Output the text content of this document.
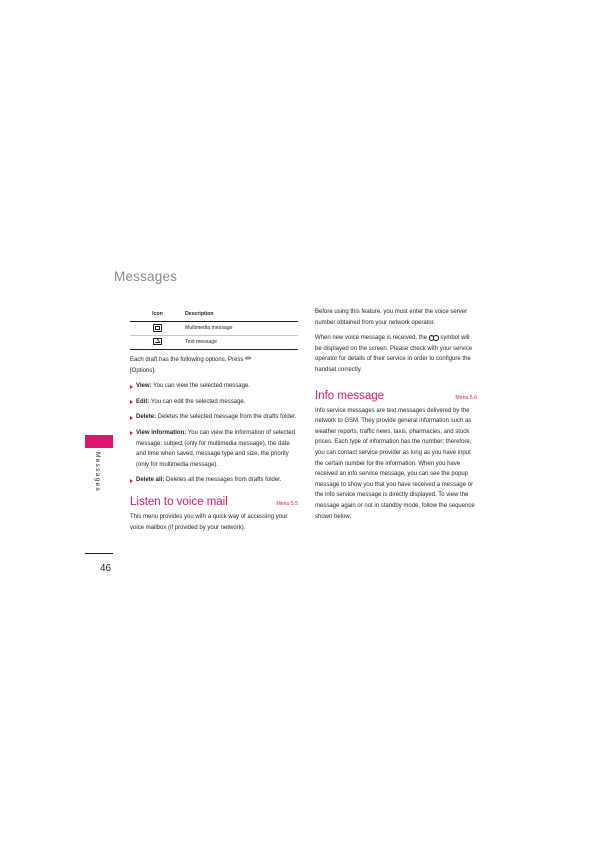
Messages
Messages
46
Icon	Description
	Multimedia message
	Text message

Each draft has the following options. Press ✏
[Options].

View: You can view the selected message.
Edit: You can edit the selected message.
Delete: Deletes the selected message from the drafts folder.
View information: You can view the information of selected message: subject (only for multimedia message), the date and time when saved, message type and size, the priority (only for multimedia message).
Delete all: Deletes all the messages from drafts folder.
Listen to voice mail	Menu 5.5

This menu provides you with a quick way of accessing your voice mailbox (if provided by your network).

Before using this feature, you must enter the voice server number obtained from your network operator.

When new voice message is received, the symbol will be displayed on the screen. Please check with your service operator for details of their service in order to configure the handset correctly.

Info message	Menu 5.6

Info service messages are text messages delivered by the network to GSM. They provide general information such as weather reports, traffic news, taxis, pharmacies, and stock prices. Each type of information has the number; therefore, you can contact service provider as long as you have input the certain number for the information. When you have received an info service message, you can see the popup message to show you that you have received a message or the info service message is directly displayed. To view the message again or not in standby mode, follow the sequence shown below;
